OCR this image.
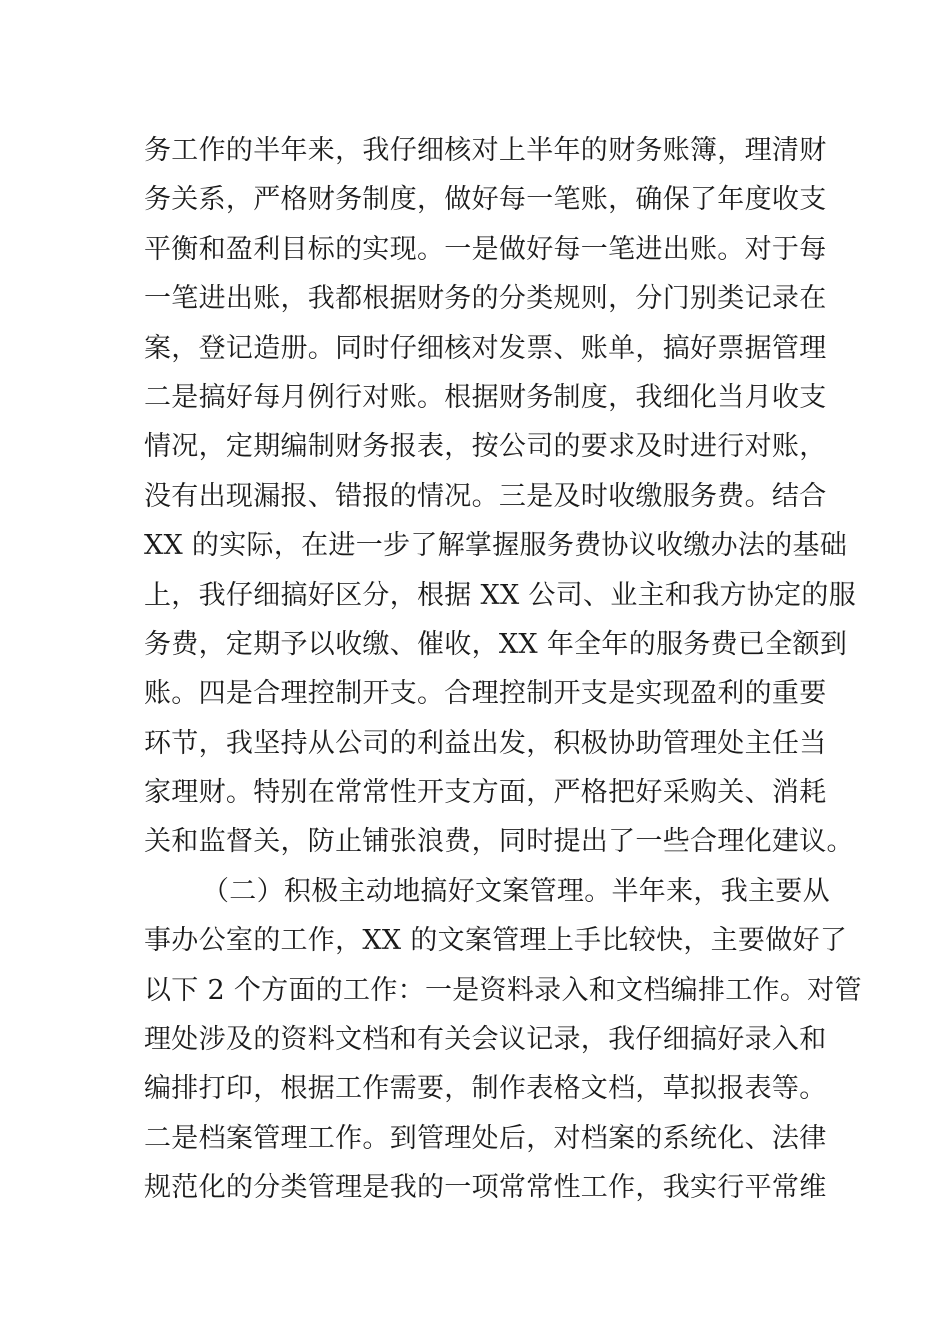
务工作的半年来，我仔细核对上半年的财务账簿，理清财
务关系，严格财务制度，做好每一笔账，确保了年度收支
平衡和盈利目标的实现。一是做好每一笔进出账。对于每
一笔进出账，我都根据财务的分类规则，分门别类记录在
案，登记造册。同时仔细核对发票、账单，搞好票据管理
二是搞好每月例行对账。根据财务制度，我细化当月收支
情况，定期编制财务报表，按公司的要求及时进行对账，
没有出现漏报、错报的情况。三是及时收缴服务费。结合
XX 的实际，在进一步了解掌握服务费协议收缴办法的基础
上，我仔细搞好区分，根据 XX 公司、业主和我方协定的服
务费，定期予以收缴、催收，XX 年全年的服务费已全额到
账。四是合理控制开支。合理控制开支是实现盈利的重要
环节，我坚持从公司的利益出发，积极协助管理处主任当
家理财。特别在常常性开支方面，严格把好采购关、消耗
关和监督关，防止铺张浪费，同时提出了一些合理化建议。
（二）积极主动地搞好文案管理。半年来，我主要从
事办公室的工作，XX 的文案管理上手比较快，主要做好了
以下 2 个方面的工作：一是资料录入和文档编排工作。对管
理处涉及的资料文档和有关会议记录，我仔细搞好录入和
编排打印，根据工作需要，制作表格文档，草拟报表等。
二是档案管理工作。到管理处后，对档案的系统化、法律
规范化的分类管理是我的一项常常性工作，我实行平常维
